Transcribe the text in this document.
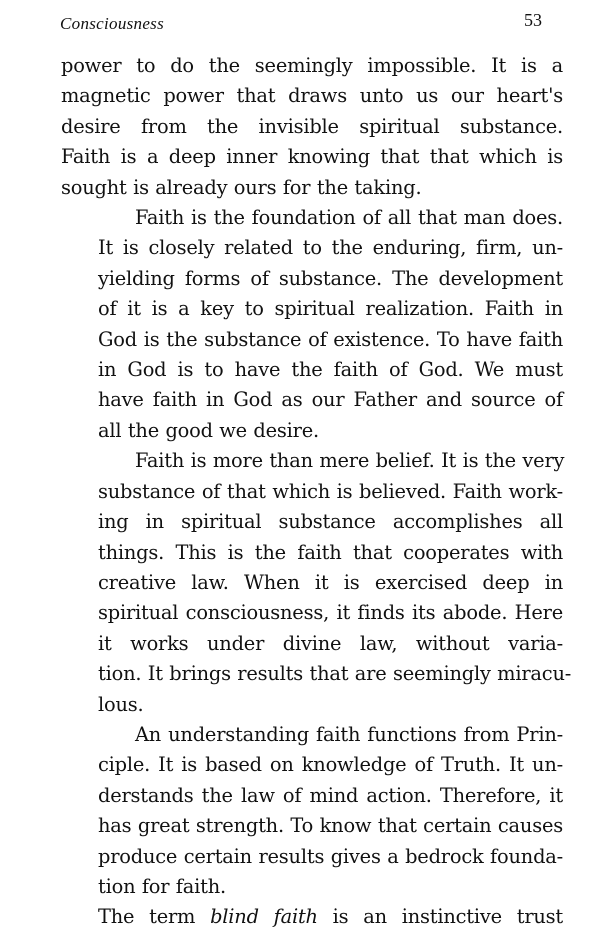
Consciousness	53

power to do the seemingly impossible. It is a
magnetic power that draws unto us our heart's
desire from the invisible spiritual substance.
Faith is a deep inner knowing that that which is
sought is already ours for the taking.

Faith is the foundation of all that man does.
It is closely related to the enduring, firm, un-
yielding forms of substance. The development
of it is a key to spiritual realization. Faith in
God is the substance of existence. To have faith
in God is to have the faith of God. We must
have faith in God as our Father and source of
all the good we desire.

Faith is more than mere belief. It is the very
substance of that which is believed. Faith work-
ing in spiritual substance accomplishes all
things. This is the faith that cooperates with
creative law. When it is exercised deep in
spiritual consciousness, it finds its abode. Here
it works under divine law, without varia-
tion. It brings results that are seemingly miracu-
lous.

An understanding faith functions from Prin-
ciple. It is based on knowledge of Truth. It un-
derstands the law of mind action. Therefore, it
has great strength. To know that certain causes
produce certain results gives a bedrock founda-
tion for faith.

The term blind faith is an instinctive trust
